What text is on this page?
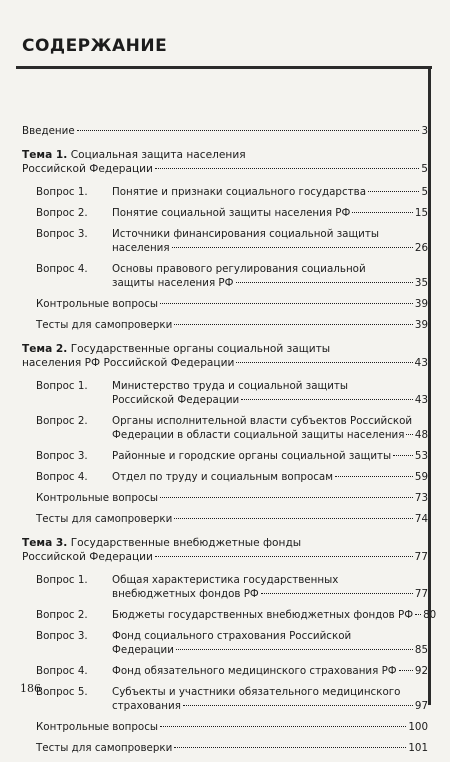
СОДЕРЖАНИЕ
Введение	3
Тема 1. Социальная защита населения
Российской Федерации	5
Вопрос 1.	Понятие и признаки социального государства	5
Вопрос 2.	Понятие социальной защиты населения РФ	15
Вопрос 3.	Источники финансирования социальной защиты
населения	26
Вопрос 4.	Основы правового регулирования социальной
защиты населения РФ	35
Контрольные вопросы	39
Тесты для самопроверки	39
Тема 2. Государственные органы социальной защиты
населения РФ Российской Федерации	43
Вопрос 1.	Министерство труда и социальной защиты
Российской Федерации	43
Вопрос 2.	Органы исполнительной власти субъектов Российской
Федерации в области социальной защиты населения 48
Вопрос 3.	Районные и городские органы социальной защиты 53
Вопрос 4.	Отдел по труду и социальным вопросам	59
Контрольные вопросы	73
Тесты для самопроверки	74
Тема 3. Государственные внебюджетные фонды
Российской Федерации	77
Вопрос 1.	Общая характеристика государственных
внебюджетных фондов РФ	77
Вопрос 2.	Бюджеты государственных внебюджетных фондов РФ 80
Вопрос 3.	Фонд социального страхования Российской
Федерации	85
Вопрос 4.	Фонд обязательного медицинского страхования РФ 92
Вопрос 5.	Субъекты и участники обязательного медицинского
страхования	97
Контрольные вопросы	100
Тесты для самопроверки	101
186
